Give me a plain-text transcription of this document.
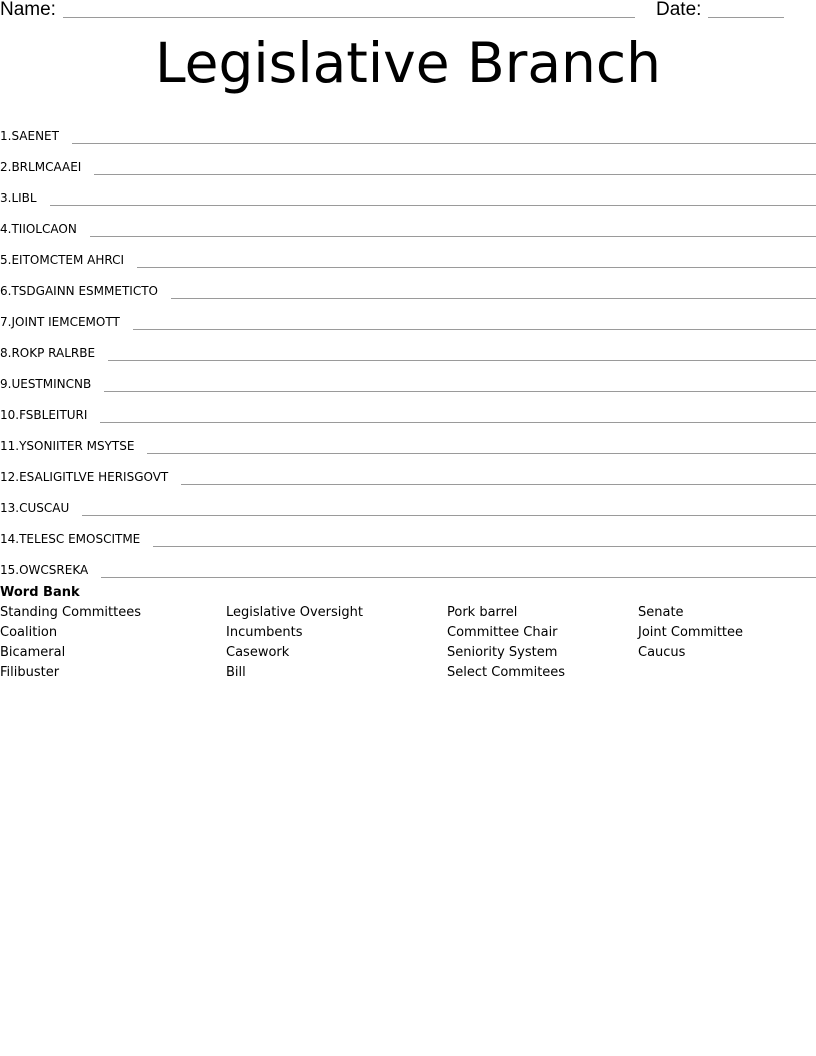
Name:	Date:
Legislative Branch
1. SAENET
2. BRLMCAAEI
3. LIBL
4. TIIOLCAON
5. EITOMCTEM AHRCI
6. TSDGAINN ESMMETICTO
7. JOINT IEMCEMOTT
8. ROKP RALRBE
9. UESTMINCNB
10. FSBLEITURI
11. YSONIITER MSYTSE
12. ESALIGITLVE HERISGOVT
13. CUSCAU
14. TELESC EMOSCITME
15. OWCSREKA
Word Bank
Standing Committees
Coalition
Bicameral
Filibuster
Legislative Oversight
Incumbents
Casework
Bill
Pork barrel
Committee Chair
Seniority System
Select Commitees
Senate
Joint Committee
Caucus
